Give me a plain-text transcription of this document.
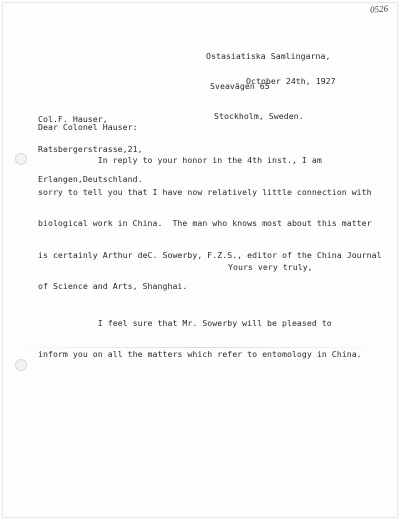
0526

Ostasiatiska Samlingarna,

Sveavägen 65

Stockholm, Sweden.

October 24th, 1927

Col.F. Hauser,

Ratsbergerstrasse,21,

Erlangen,Deutschland.

Dear Colonel Hauser:

In reply to your honor in the 4th inst., I am

sorry to tell you that I have now relatively little connection with

biological work in China.  The man who knows most about this matter

is certainly Arthur deC. Sowerby, F.Z.S., editor of the China Journal

of Science and Arts, Shanghai.

I feel sure that Mr. Sowerby will be pleased to

inform you on all the matters which refer to entomology in China.

Yours very truly,
